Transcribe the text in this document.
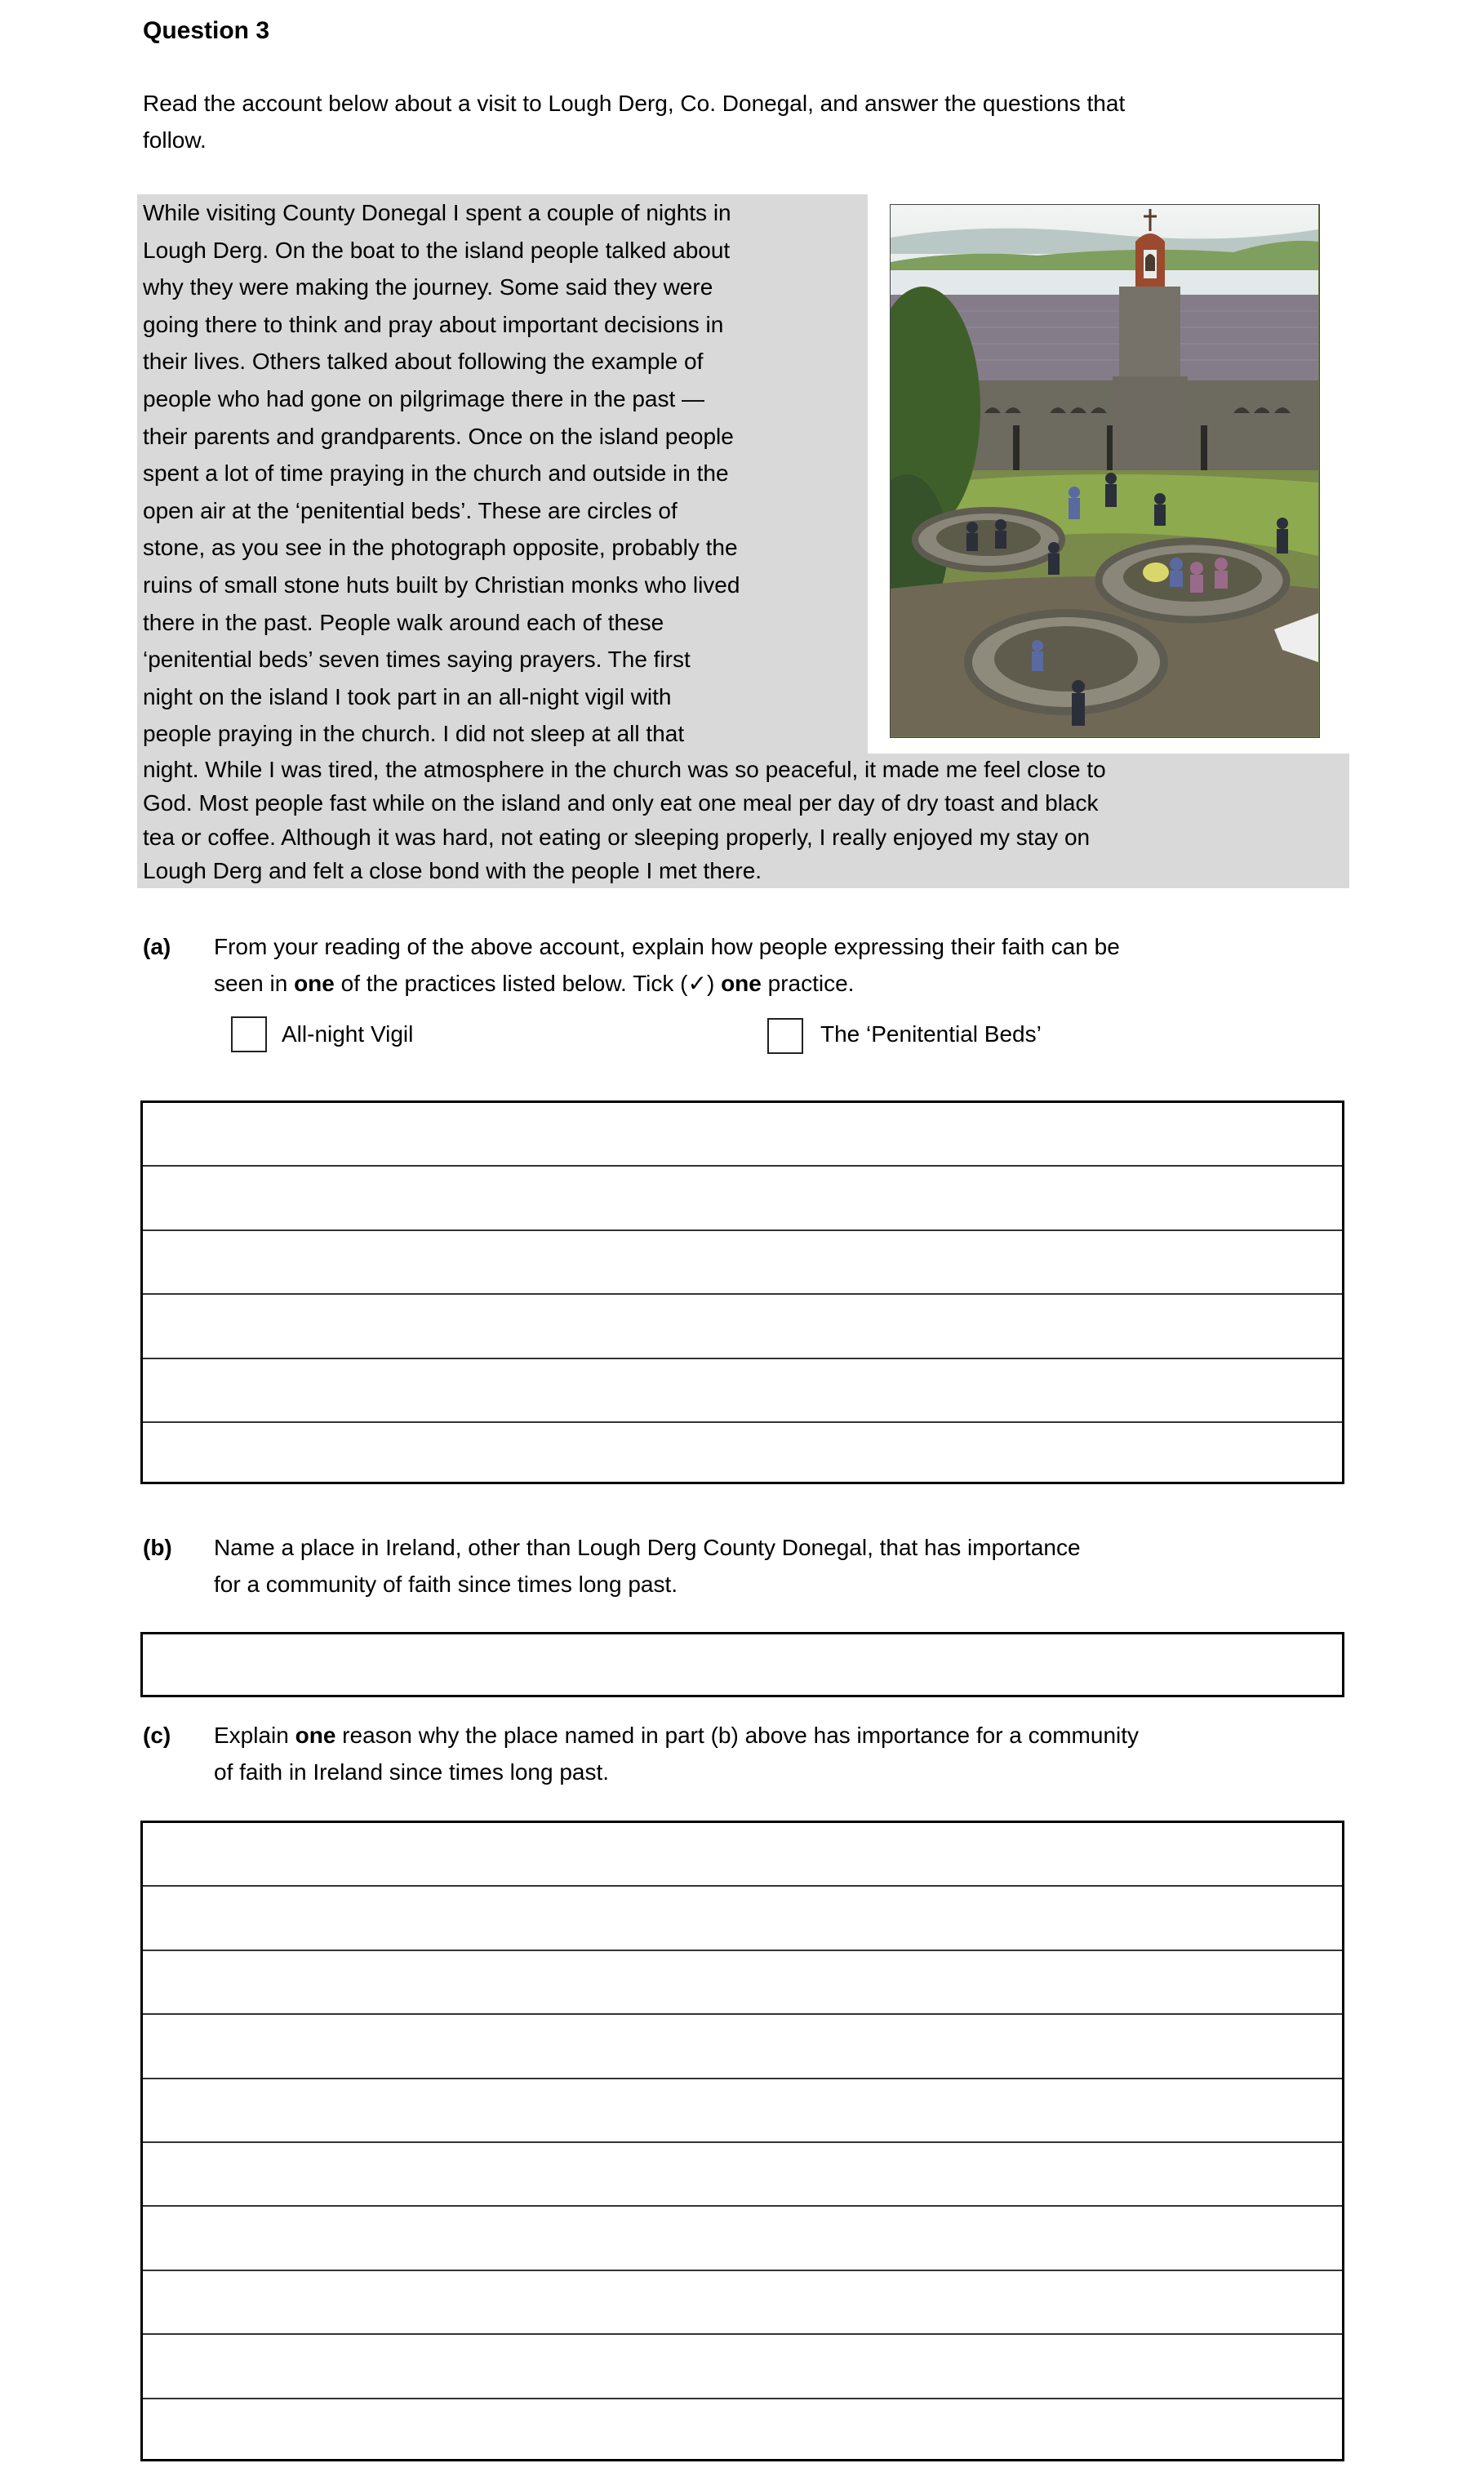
Question 3
Read the account below about a visit to Lough Derg, Co. Donegal, and answer the questions that
follow.
While visiting County Donegal I spent a couple of nights in
Lough Derg. On the boat to the island people talked about
why they were making the journey. Some said they were
going there to think and pray about important decisions in
their lives. Others talked about following the example of
people who had gone on pilgrimage there in the past —
their parents and grandparents. Once on the island people
spent a lot of time praying in the church and outside in the
open air at the ‘penitential beds’. These are circles of
stone, as you see in the photograph opposite, probably the
ruins of small stone huts built by Christian monks who lived
there in the past. People walk around each of these
‘penitential beds’ seven times saying prayers. The first
night on the island I took part in an all-night vigil with
people praying in the church. I did not sleep at all that
night. While I was tired, the atmosphere in the church was so peaceful, it made me feel close to
God. Most people fast while on the island and only eat one meal per day of dry toast and black
tea or coffee. Although it was hard, not eating or sleeping properly, I really enjoyed my stay on
Lough Derg and felt a close bond with the people I met there.
(a) From your reading of the above account, explain how people expressing their faith can be
seen in one of the practices listed below. Tick (✓) one practice.
All-night Vigil	The ‘Penitential Beds’
(b) Name a place in Ireland, other than Lough Derg County Donegal, that has importance
for a community of faith since times long past.
(c) Explain one reason why the place named in part (b) above has importance for a community
of faith in Ireland since times long past.
